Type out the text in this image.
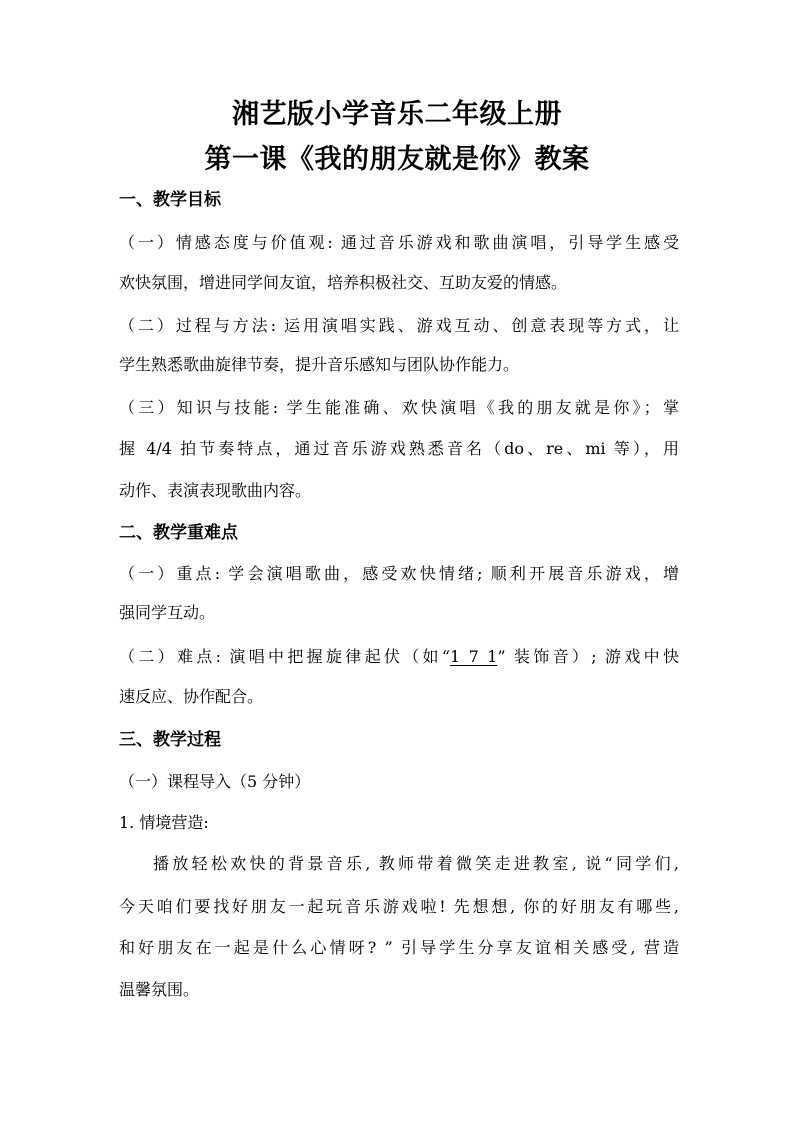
湘艺版小学音乐二年级上册
第一课《我的朋友就是你》教案
一、教学目标
（一）情感态度与价值观: 通过音乐游戏和歌曲演唱，引导学生感受
欢快氛围，增进同学间友谊，培养积极社交、互助友爱的情感。
（二）过程与方法: 运用演唱实践、游戏互动、创意表现等方式，让
学生熟悉歌曲旋律节奏，提升音乐感知与团队协作能力。
（三）知识与技能: 学生能准确、欢快演唱《我的朋友就是你》；掌
握 4/4 拍节奏特点，通过音乐游戏熟悉音名（do、re、mi 等），用
动作、表演表现歌曲内容。
二、教学重难点
（一）重点: 学会演唱歌曲，感受欢快情绪; 顺利开展音乐游戏，增
强同学互动。
（二）难点: 演唱中把握旋律起伏（如“1 7 1” 装饰音）; 游戏中快
速反应、协作配合。
三、教学过程
（一）课程导入（5 分钟）
1. 情境营造:
播放轻松欢快的背景音乐, 教师带着微笑走进教室, 说“同学们,
今天咱们要找好朋友一起玩音乐游戏啦! 先想想, 你的好朋友有哪些,
和好朋友在一起是什么心情呀? ” 引导学生分享友谊相关感受, 营造
温馨氛围。
